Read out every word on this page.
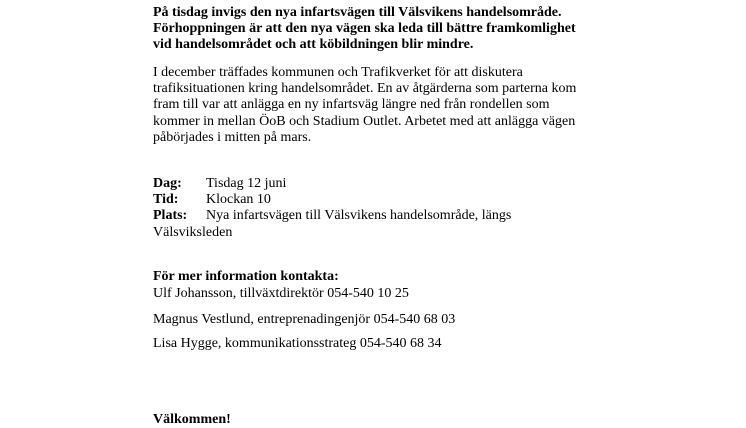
På tisdag invigs den nya infartsvägen till Välsvikens handelsområde.
Förhoppningen är att den nya vägen ska leda till bättre framkomlighet
vid handelsområdet och att köbildningen blir mindre.

I december träffades kommunen och Trafikverket för att diskutera
trafiksituationen kring handelsområdet. En av åtgärderna som parterna kom
fram till var att anlägga en ny infartsväg längre ned från rondellen som
kommer in mellan ÖoB och Stadium Outlet. Arbetet med att anlägga vägen
påbörjades i mitten på mars.

Dag: Tisdag 12 juni
Tid: Klockan 10
Plats: Nya infartsvägen till Välsvikens handelsområde, längs
Välsviksleden

För mer information kontakta:

Ulf Johansson, tillväxtdirektör 054-540 10 25
Magnus Vestlund, entreprenadingenjör 054-540 68 03
Lisa Hygge, kommunikationsstrateg 054-540 68 34
Välkommen!
